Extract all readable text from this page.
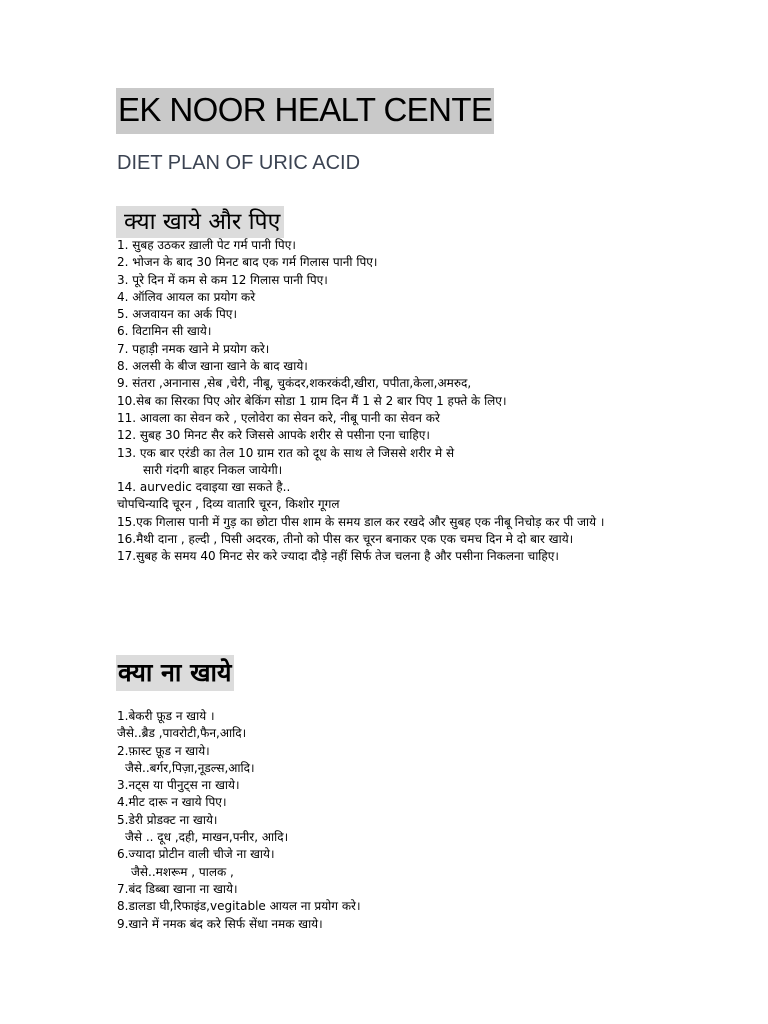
EK NOOR HEALT CENTE
DIET PLAN OF URIC ACID
क्या खाये और पिए
1. सुबह उठकर ख़ाली पेट गर्म पानी पिए।
2. भोजन के बाद 30 मिनट बाद एक गर्म गिलास पानी पिए।
3. पूरे दिन में कम से कम 12 गिलास पानी पिए।
4. ऑलिव आयल का प्रयोग करे
5. अजवायन का अर्क पिए।
6. विटामिन सी खाये।
7. पहाड़ी नमक खाने मे प्रयोग करे।
8. अलसी के बीज खाना खाने के बाद खाये।
9. संतरा ,अनानास ,सेब ,चेरी, नीबू, चुकंदर,शकरकंदी,खीरा, पपीता,केला,अमरुद,
10.सेब का सिरका पिए ओर बेकिंग सोडा 1 ग्राम दिन मैं 1 से 2 बार पिए 1 हफ्ते के लिए।
11. आवला का सेवन करे , एलोवेरा का सेवन करे, नीबू पानी का सेवन करे
12. सुबह 30 मिनट सैर करे जिससे आपके शरीर से पसीना एना चाहिए।
13. एक बार एरंडी का तेल 10 ग्राम रात को दूध के साथ ले जिससे शरीर मे से
सारी गंदगी बाहर निकल जायेगी।
14. aurvedic दवाइया खा सकते है..
चोपचिन्यादि चूरन , दिव्य वातारि चूरन, किशोर गूगल
15.एक गिलास पानी में गुड़ का छोटा पीस शाम के समय डाल कर रखदे और सुबह एक नीबू निचोड़ कर पी जाये ।
16.मैथी दाना , हल्दी , पिसी अदरक, तीनो को पीस कर चूरन बनाकर एक एक चमच दिन मे दो बार खाये।
17.सुबह के समय 40 मिनट सेर करे ज्यादा दौड़े नहीं सिर्फ तेज चलना है और पसीना निकलना चाहिए।
क्या ना खाये
1.बेकरी फ़ूड न खाये ।
जैसे..ब्रैड ,पावरोटी,फैन,आदि।
2.फ़ास्ट फ़ूड न खाये।
जैसे..बर्गर,पिज़ा,नूडल्स,आदि।
3.नट्स या पीनुट्स ना खाये।
4.मीट दारू न खाये पिए।
5.डेरी प्रोडक्ट ना खाये।
जैसे .. दूध ,दही, माखन,पनीर, आदि।
6.ज्यादा प्रोटीन वाली चीजे ना खाये।
जैसे..मशरूम , पालक ,
7.बंद डिब्बा खाना ना खाये।
8.डालडा घी,रिफाइंड,vegitable आयल ना प्रयोग करे।
9.खाने में नमक बंद करे सिर्फ सेंधा नमक खाये।
